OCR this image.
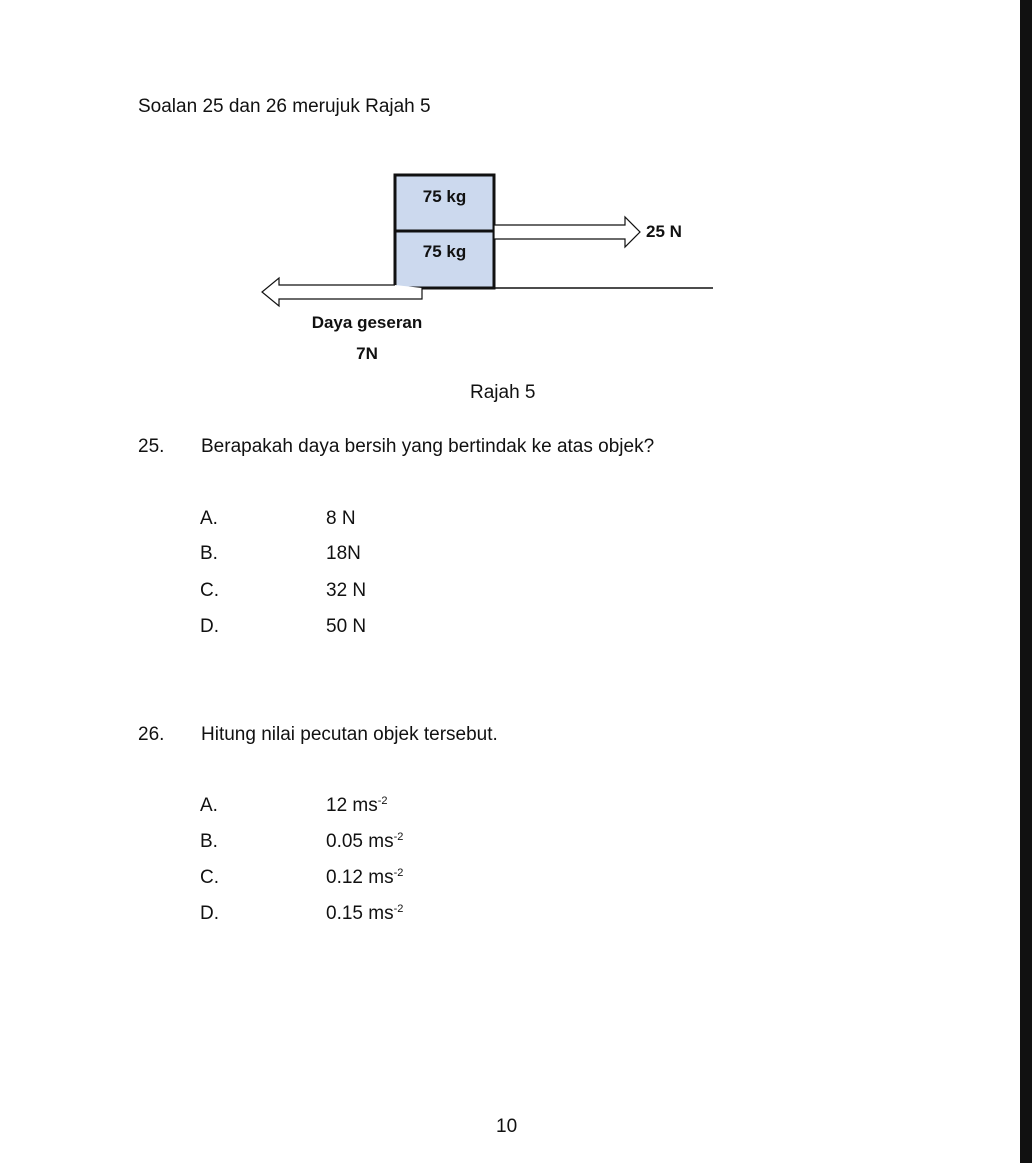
Soalan 25 dan 26 merujuk Rajah 5
75 kg
75 kg
25 N
Daya geseran
7N
Rajah 5
25. Berapakah daya bersih yang bertindak ke atas objek?
A.	8 N
B.	18N
C.	32 N
D.	50 N
26. Hitung nilai pecutan objek tersebut.
A.	12 $ms^{-2}$
B.	0.05 $ms^{-2}$
C.	0.12 $ms^{-2}$
D.	0.15 $ms^{-2}$
10
